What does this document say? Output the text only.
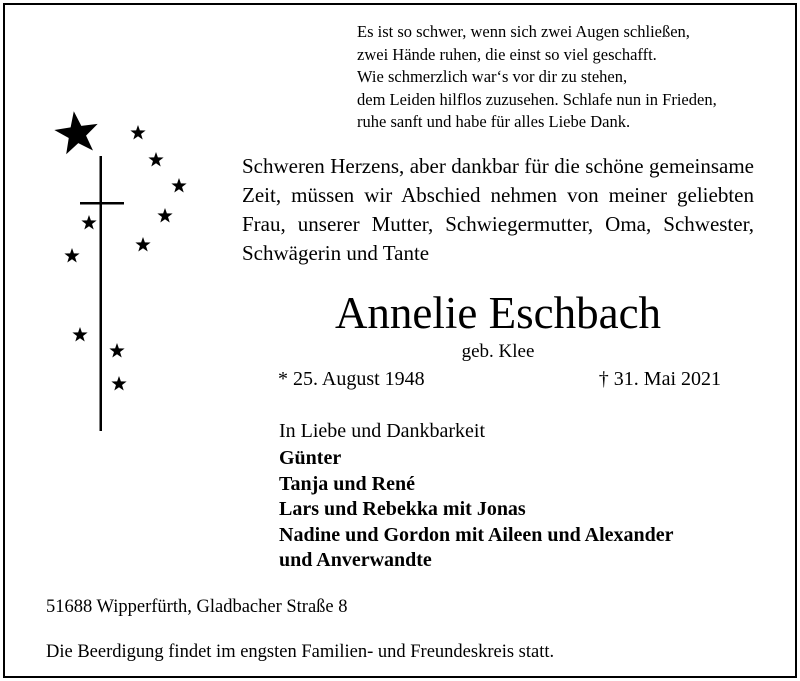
Es ist so schwer, wenn sich zwei Augen schließen,
zwei Hände ruhen, die einst so viel geschafft.
Wie schmerzlich war‘s vor dir zu stehen,
dem Leiden hilflos zuzusehen. Schlafe nun in Frieden,
ruhe sanft und habe für alles Liebe Dank.
Schweren Herzens, aber dankbar für die schöne gemeinsame Zeit, müssen wir Abschied nehmen von meiner geliebten Frau, unserer Mutter, Schwiegermutter, Oma, Schwester, Schwägerin und Tante
Annelie Eschbach
geb. Klee
* 25. August 1948	† 31. Mai 2021
In Liebe und Dankbarkeit
Günter
Tanja und René
Lars und Rebekka mit Jonas
Nadine und Gordon mit Aileen und Alexander
und Anverwandte
51688 Wipperfürth, Gladbacher Straße 8
Die Beerdigung findet im engsten Familien- und Freundeskreis statt.
